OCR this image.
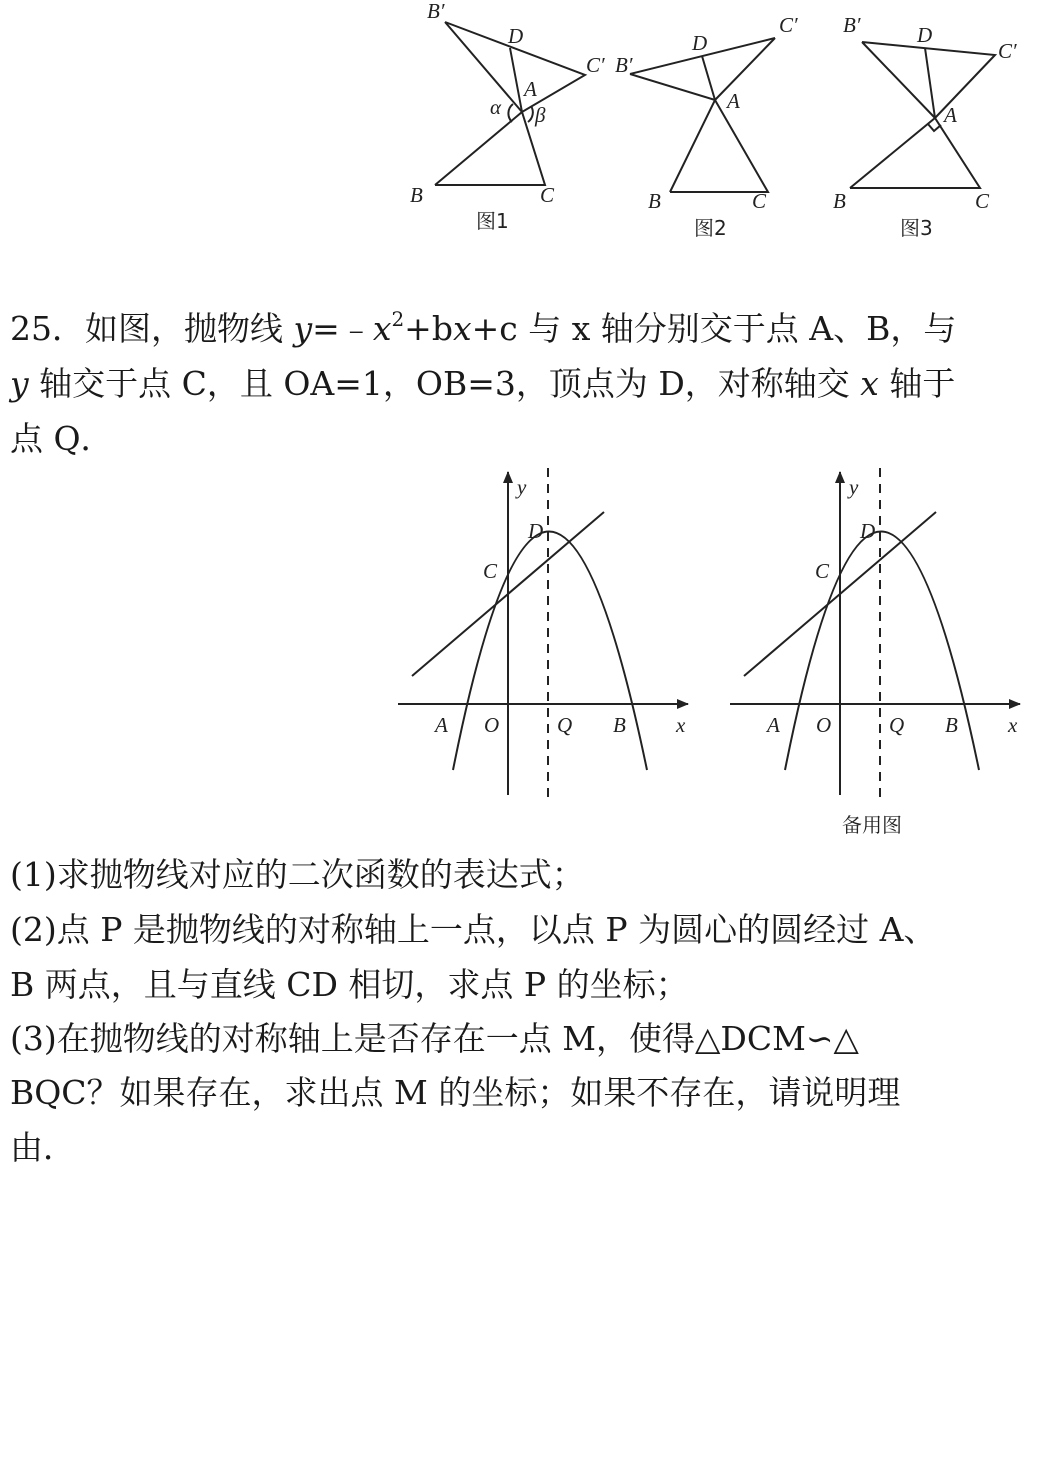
B′
D
C′
A
α β
B	C
图1
B′
D
C′
A
B	C
图2
B′	D
C′
A
B	C
图3

25．如图，抛物线 $y=﹣x^2+bx+c$ 与 x 轴分别交于点 A、B，与

y 轴交于点 C，且 OA=1，OB=3，顶点为 D，对称轴交 x 轴于

点 Q．

y
D
C
A O	Q B x
y
D
C
A O	Q B x
备用图

(1)求抛物线对应的二次函数的表达式；

(2)点 P 是抛物线的对称轴上一点，以点 P 为圆心的圆经过 A、

B 两点，且与直线 CD 相切，求点 P 的坐标；

(3)在抛物线的对称轴上是否存在一点 M，使得△DCM∽△

BQC？如果存在，求出点 M 的坐标；如果不存在，请说明理

由．
